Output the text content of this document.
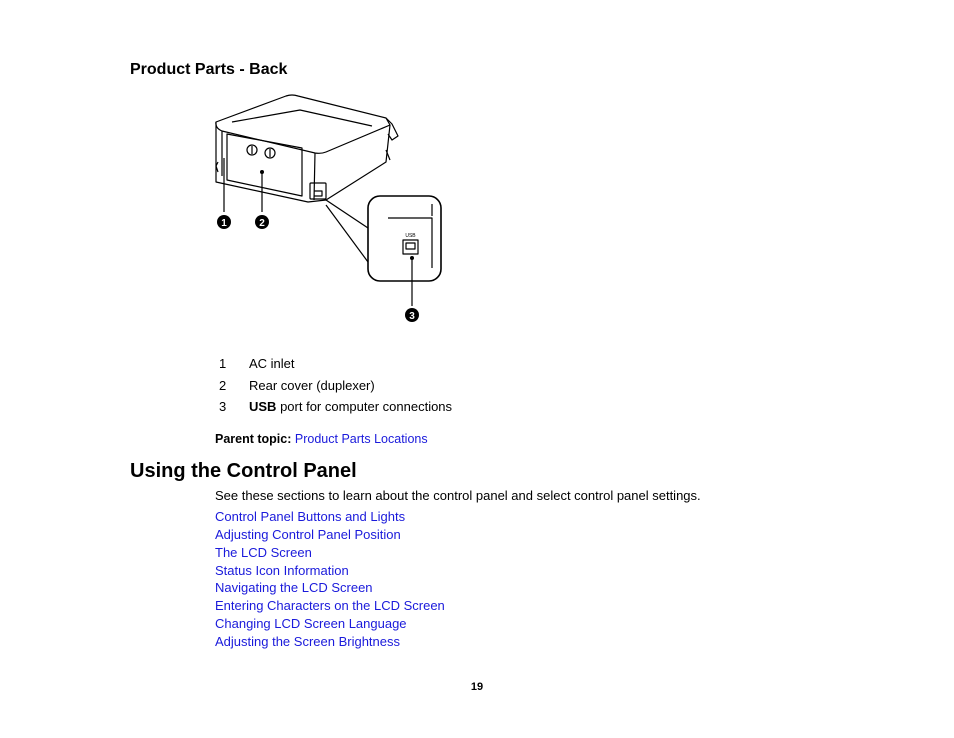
Product Parts - Back
USB
1	2
3
1	AC inlet
2	Rear cover (duplexer)
3	USB port for computer connections
Parent topic: Product Parts Locations
Using the Control Panel

See these sections to learn about the control panel and select control panel settings.

Control Panel Buttons and Lights
Adjusting Control Panel Position
The LCD Screen
Status Icon Information
Navigating the LCD Screen
Entering Characters on the LCD Screen
Changing LCD Screen Language
Adjusting the Screen Brightness
19
